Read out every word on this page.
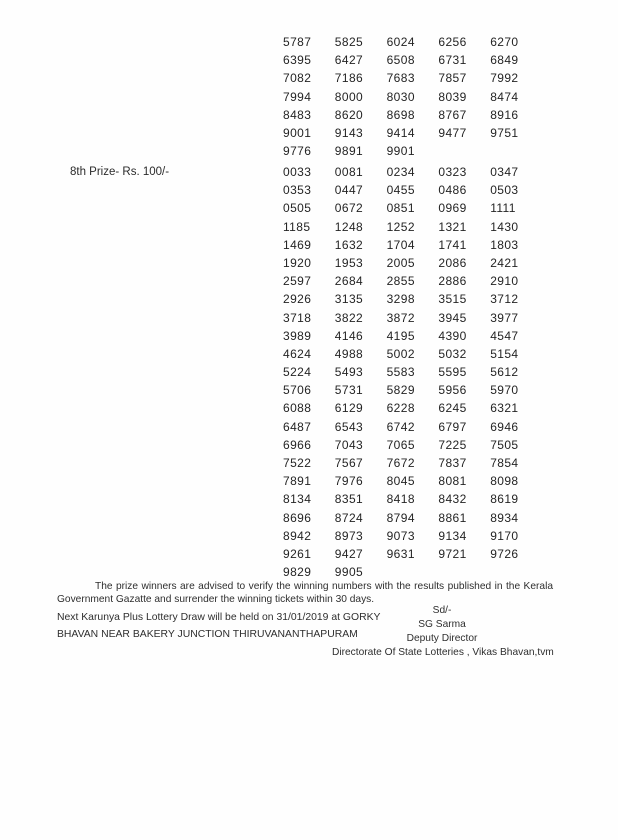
5787	5825	6024	6256	6270
6395	6427	6508	6731	6849
7082	7186	7683	7857	7992
7994	8000	8030	8039	8474
8483	8620	8698	8767	8916
9001	9143	9414	9477	9751
9776	9891	9901
8th Prize- Rs. 100/-	0033	0081	0234	0323	0347
0353	0447	0455	0486	0503
0505	0672	0851	0969	1111
1185	1248	1252	1321	1430
1469	1632	1704	1741	1803
1920	1953	2005	2086	2421
2597	2684	2855	2886	2910
2926	3135	3298	3515	3712
3718	3822	3872	3945	3977
3989	4146	4195	4390	4547
4624	4988	5002	5032	5154
5224	5493	5583	5595	5612
5706	5731	5829	5956	5970
6088	6129	6228	6245	6321
6487	6543	6742	6797	6946
6966	7043	7065	7225	7505
7522	7567	7672	7837	7854
7891	7976	8045	8081	8098
8134	8351	8418	8432	8619
8696	8724	8794	8861	8934
8942	8973	9073	9134	9170
9261	9427	9631	9721	9726
9829	9905
The prize winners are advised to verify the winning numbers with the results published in the Kerala Government Gazatte and surrender the winning tickets within 30 days.
Next Karunya Plus Lottery Draw will be held on 31/01/2019 at GORKY
BHAVAN NEAR BAKERY JUNCTION THIRUVANANTHAPURAM
Sd/-
SG Sarma
Deputy Director
Directorate Of State Lotteries , Vikas Bhavan,tvm
